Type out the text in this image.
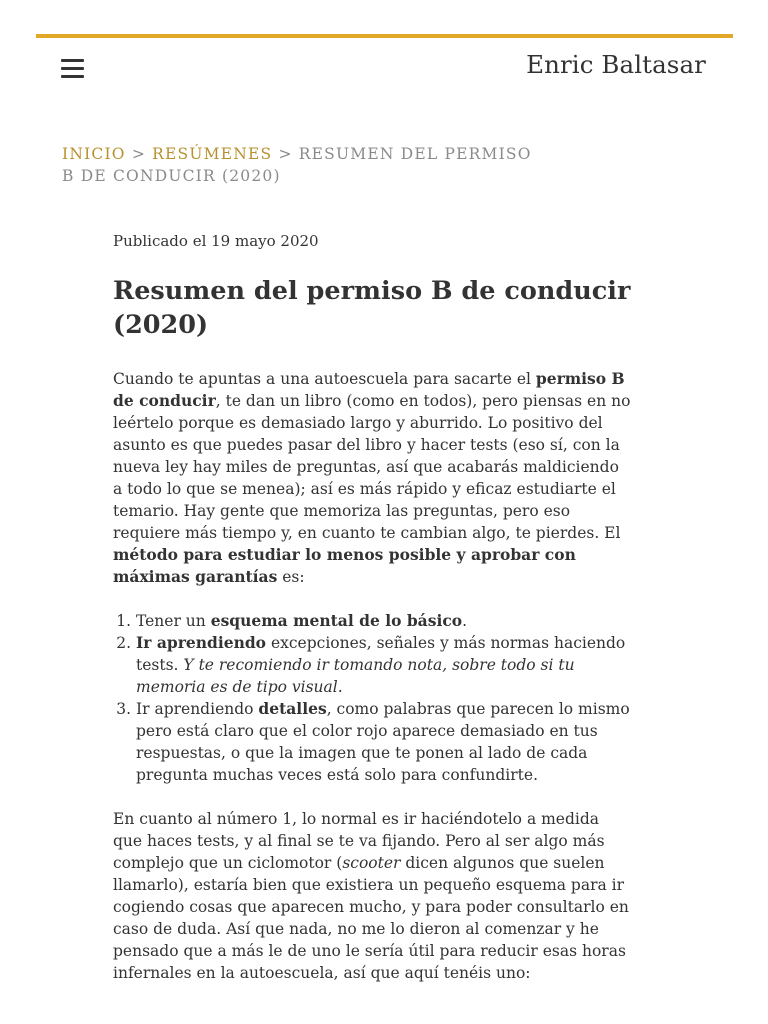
Enric Baltasar
INICIO > RESÚMENES > RESUMEN DEL PERMISO B DE CONDUCIR (2020)

Publicado el 19 mayo 2020

Resumen del permiso B de conducir (2020)

Cuando te apuntas a una autoescuela para sacarte el permiso B de conducir, te dan un libro (como en todos), pero piensas en no leértelo porque es demasiado largo y aburrido. Lo positivo del asunto es que puedes pasar del libro y hacer tests (eso sí, con la nueva ley hay miles de preguntas, así que acabarás maldiciendo a todo lo que se menea); así es más rápido y eficaz estudiarte el temario. Hay gente que memoriza las preguntas, pero eso requiere más tiempo y, en cuanto te cambian algo, te pierdes. El método para estudiar lo menos posible y aprobar con máximas garantías es:

1. Tener un esquema mental de lo básico.
2. Ir aprendiendo excepciones, señales y más normas haciendo tests. Y te recomiendo ir tomando nota, sobre todo si tu memoria es de tipo visual.
3. Ir aprendiendo detalles, como palabras que parecen lo mismo pero está claro que el color rojo aparece demasiado en tus respuestas, o que la imagen que te ponen al lado de cada pregunta muchas veces está solo para confundirte.

En cuanto al número 1, lo normal es ir haciéndotelo a medida que haces tests, y al final se te va fijando. Pero al ser algo más complejo que un ciclomotor (scooter dicen algunos que suelen llamarlo), estaría bien que existiera un pequeño esquema para ir cogiendo cosas que aparecen mucho, y para poder consultarlo en caso de duda. Así que nada, no me lo dieron al comenzar y he pensado que a más le de uno le sería útil para reducir esas horas infernales en la autoescuela, así que aquí tenéis uno:
